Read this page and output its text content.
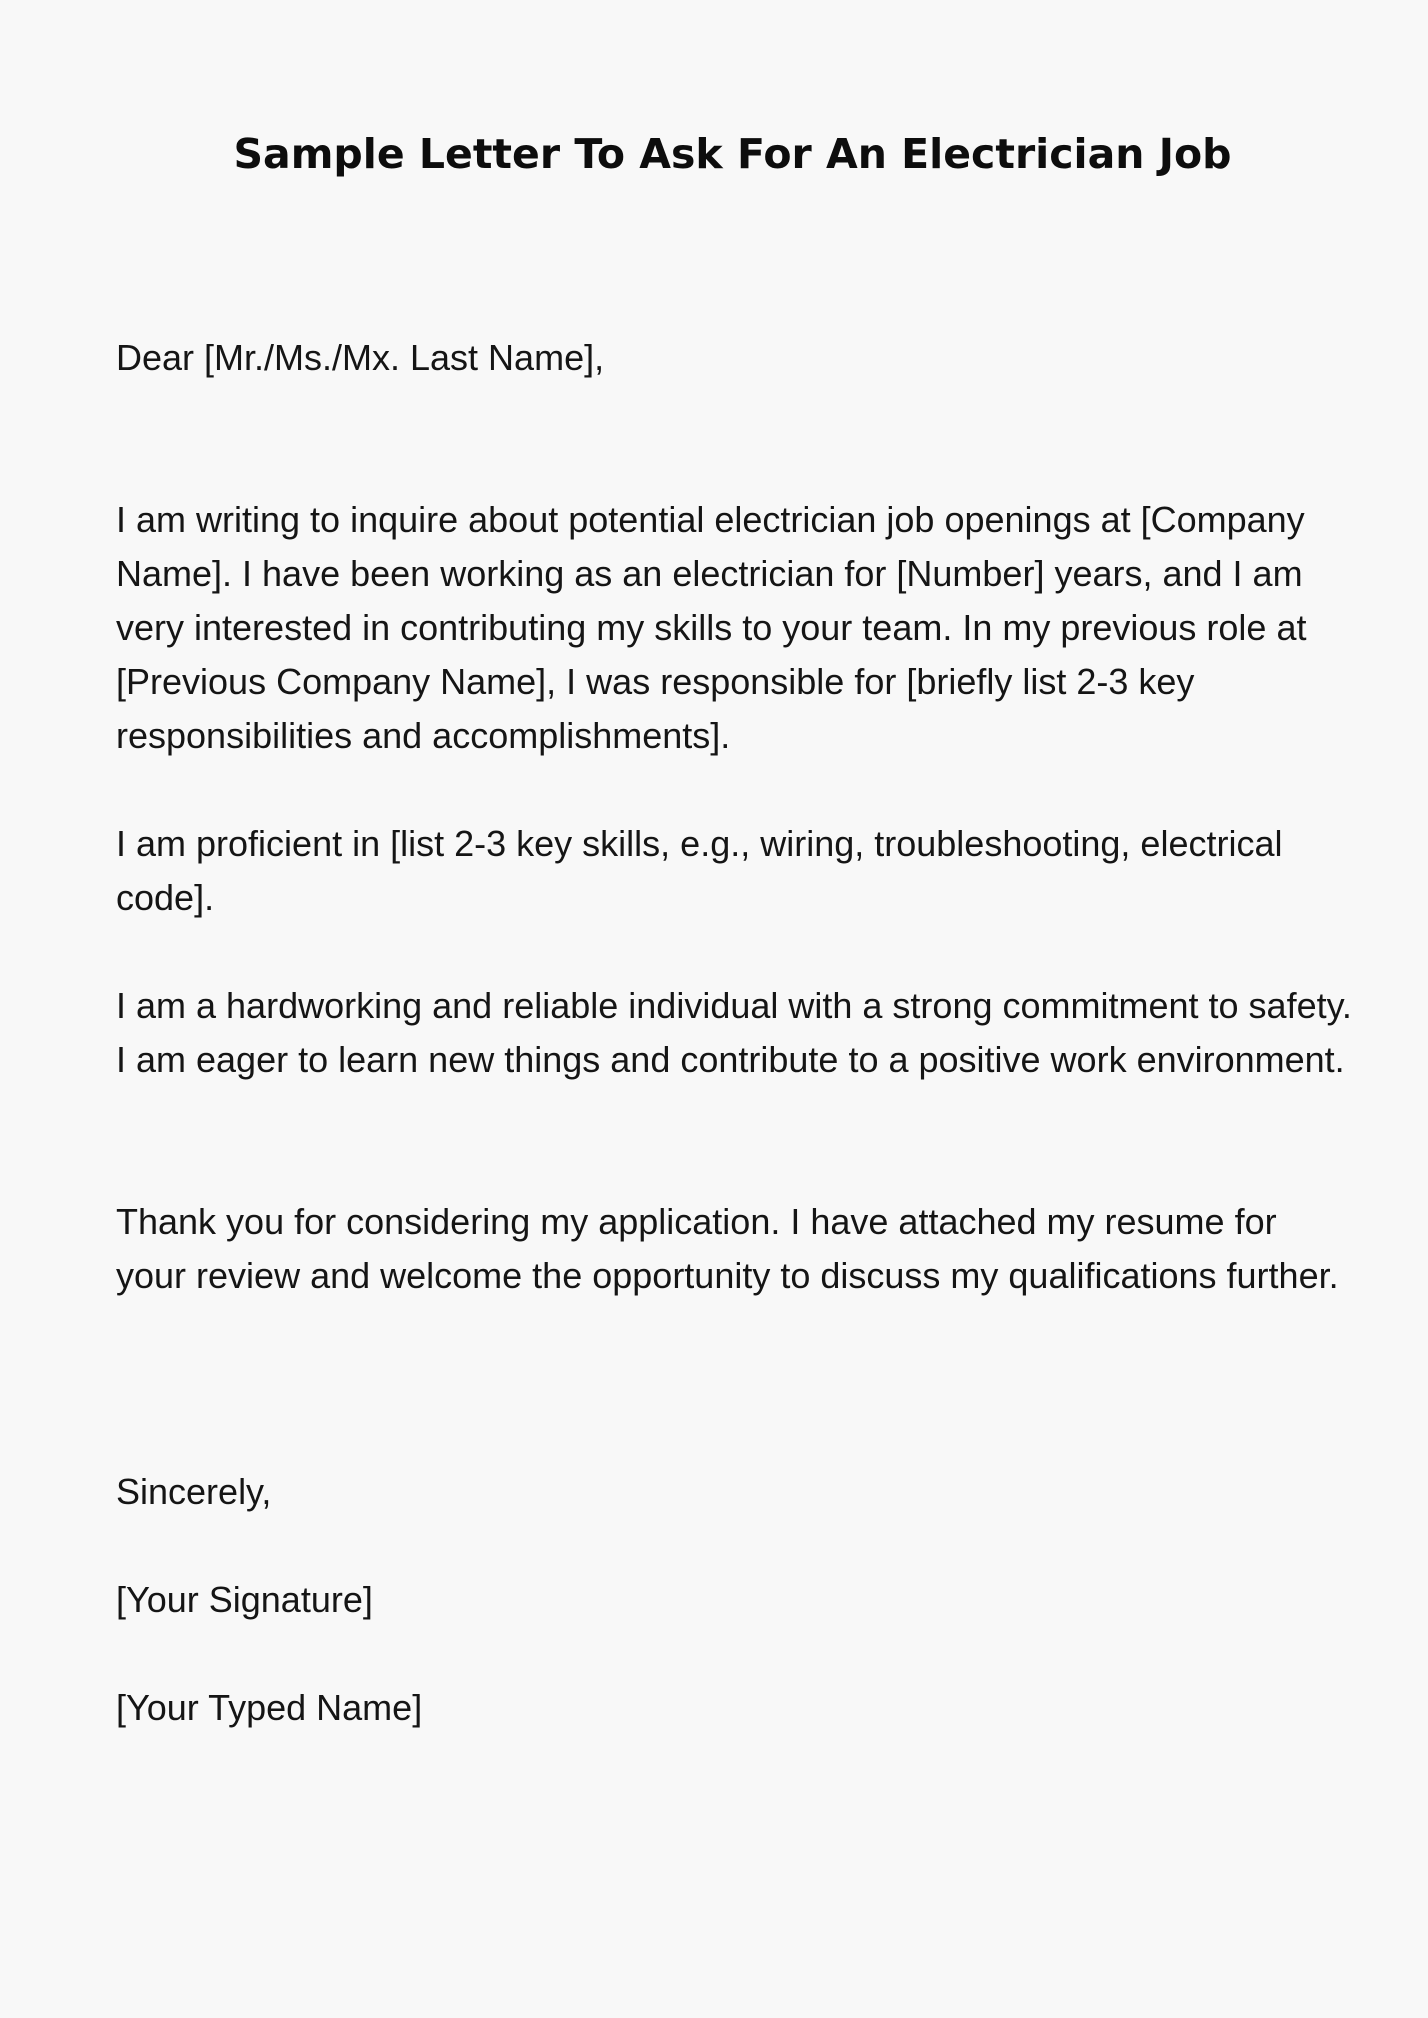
Sample Letter To Ask For An Electrician Job

Dear [Mr./Ms./Mx. Last Name],

I am writing to inquire about potential electrician job openings at [Company Name]. I have been working as an electrician for [Number] years, and I am very interested in contributing my skills to your team. In my previous role at [Previous Company Name], I was responsible for [briefly list 2-3 key responsibilities and accomplishments].

I am proficient in [list 2-3 key skills, e.g., wiring, troubleshooting, electrical code].

I am a hardworking and reliable individual with a strong commitment to safety. I am eager to learn new things and contribute to a positive work environment.

Thank you for considering my application. I have attached my resume for your review and welcome the opportunity to discuss my qualifications further.

Sincerely,

[Your Signature]

[Your Typed Name]
